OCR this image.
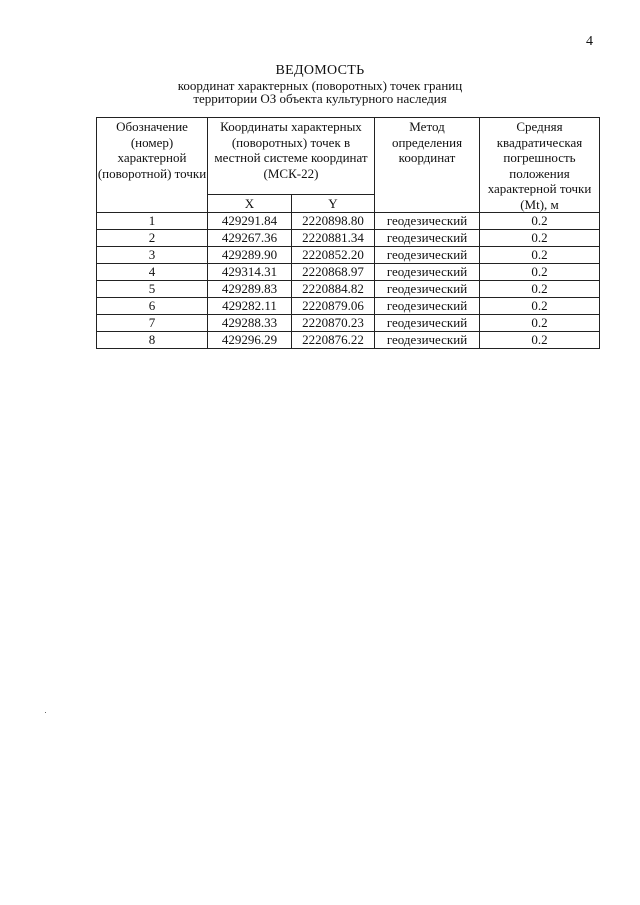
4
ВЕДОМОСТЬ
координат характерных (поворотных) точек границ
территории ОЗ объекта культурного наследия
Обозначение (номер) характерной (поворотной) точки	Координаты характерных (поворотных) точек в местной системе координат (МСК-22)		Метод определения координат	Средняя квадратическая погрешность положения характерной точки (Mt), м
	X	Y		
1	429291.84	2220898.80	геодезический	0.2
2	429267.36	2220881.34	геодезический	0.2
3	429289.90	2220852.20	геодезический	0.2
4	429314.31	2220868.97	геодезический	0.2
5	429289.83	2220884.82	геодезический	0.2
6	429282.11	2220879.06	геодезический	0.2
7	429288.33	2220870.23	геодезический	0.2
8	429296.29	2220876.22	геодезический	0.2
